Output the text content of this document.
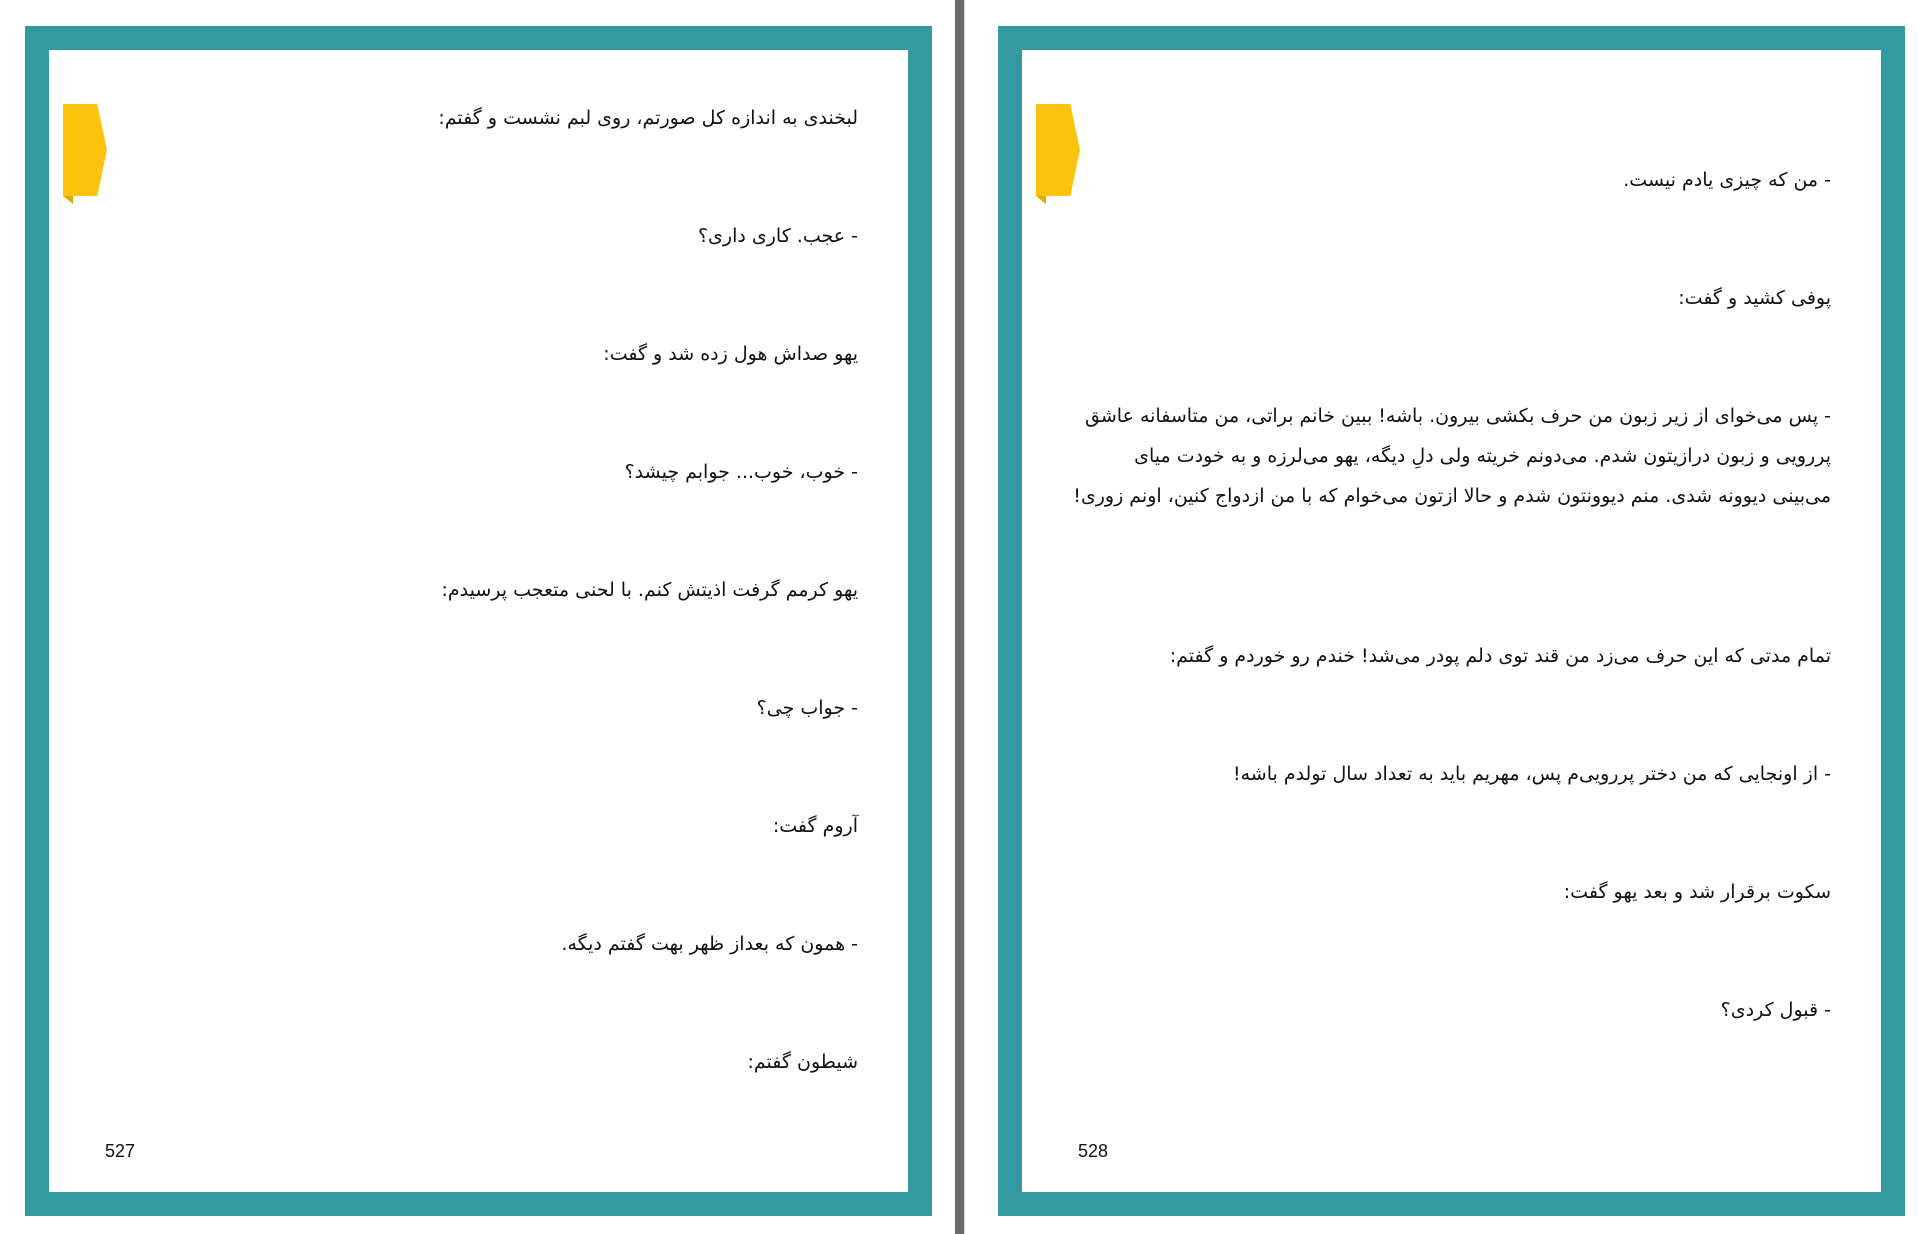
لبخندی به اندازه کل صورتم، روی لبم نشست و گفتم:

- عجب. کاری داری؟

یهو صداش هول زده شد و گفت:

- خوب، خوب... جوابم چیشد؟

یهو کرمم گرفت اذیتش کنم. با لحنی متعجب پرسیدم:

- جواب چی؟

آروم گفت:

- همون که بعداز ظهر بهت گفتم دیگه.

شیطون گفتم:

527

- من که چیزی یادم نیست.

پوفی کشید و گفت:

- پس می‌خوای از زیر زبون من حرف بکشی بیرون. باشه! ببین خانم براتی، من متاسفانه عاشق پررویی و زبون درازیتون شدم. می‌دونم خریته ولی دلِ دیگه، یهو می‌لرزه و به خودت میای می‌بینی دیوونه شدی. منم دیوونتون شدم و حالا ازتون می‌خوام که با من ازدواج کنین، اونم زوری!

تمام مدتی که این حرف می‌زد من قند توی دلم پودر می‌شد! خندم رو خوردم و گفتم:

- از اونجایی که من دختر پررویی‌م پس، مهریم باید به تعداد سال تولدم باشه!

سکوت برقرار شد و بعد یهو گفت:

- قبول کردی؟

528
